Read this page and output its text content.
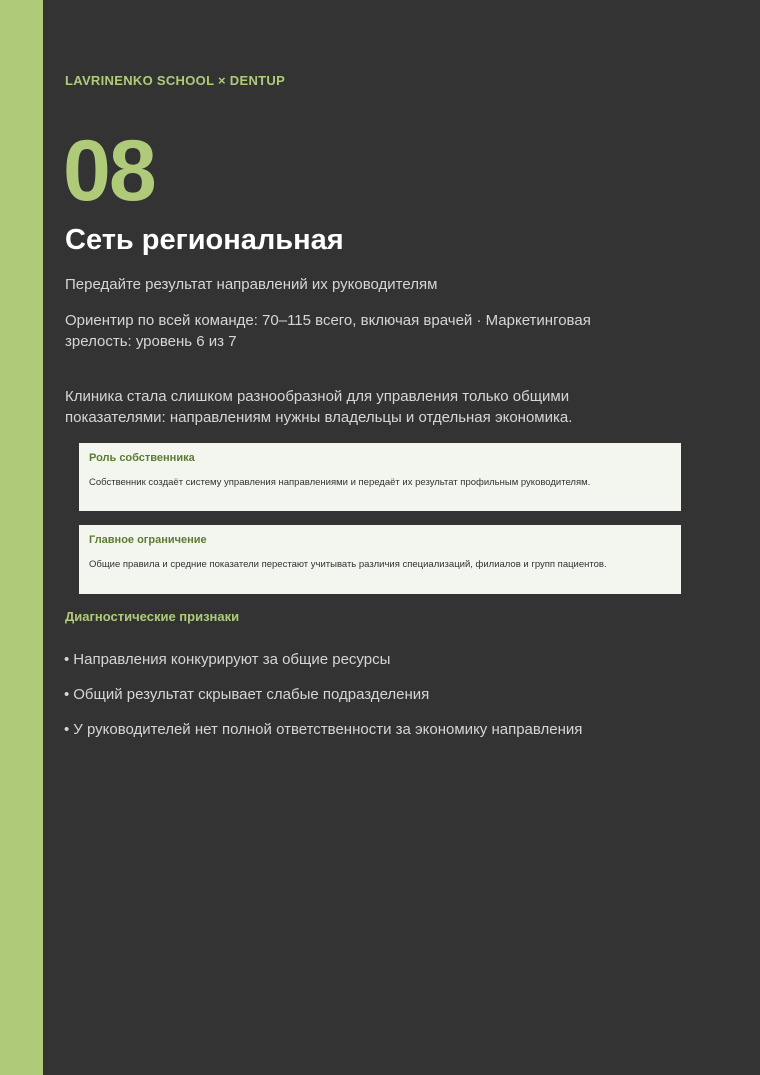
LAVRINENKO SCHOOL × DENTUP
08
Сеть региональная
Передайте результат направлений их руководителям
Ориентир по всей команде: 70–115 всего, включая врачей · Маркетинговая зрелость: уровень 6 из 7
Клиника стала слишком разнообразной для управления только общими показателями: направлениям нужны владельцы и отдельная экономика.
Роль собственника
Собственник создаёт систему управления направлениями и передаёт их результат профильным руководителям.
Главное ограничение
Общие правила и средние показатели перестают учитывать различия специализаций, филиалов и групп пациентов.
Диагностические признаки
• Направления конкурируют за общие ресурсы
• Общий результат скрывает слабые подразделения
• У руководителей нет полной ответственности за экономику направления
